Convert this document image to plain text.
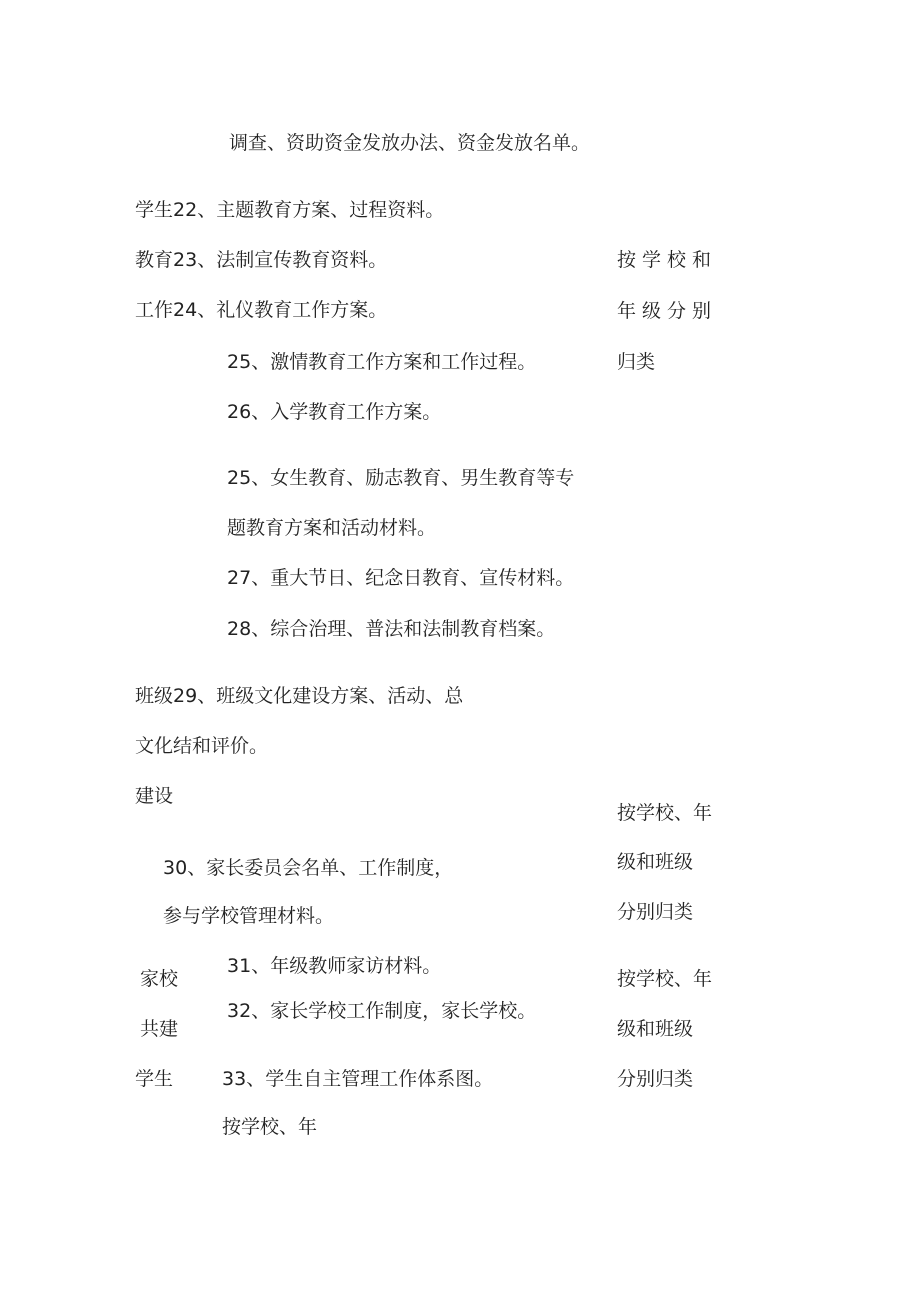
调查、资助资金发放办法、资金发放名单。
学生22、主题教育方案、过程资料。
教育23、法制宣传教育资料。
工作24、礼仪教育工作方案。
25、激情教育工作方案和工作过程。
26、入学教育工作方案。
25、女生教育、励志教育、男生教育等专
题教育方案和活动材料。
27、重大节日、纪念日教育、宣传材料。
28、综合治理、普法和法制教育档案。
班级29、班级文化建设方案、活动、总
文化结和评价。
建设
30、家长委员会名单、工作制度，
参与学校管理材料。
家校
31、年级教师家访材料。
共建
32、家长学校工作制度，家长学校。
学生	33、学生自主管理工作体系图。
按学校、年
按学校和
年级分别
归类
按学校、年
级和班级
分别归类
按学校、年
级和班级
分别归类
